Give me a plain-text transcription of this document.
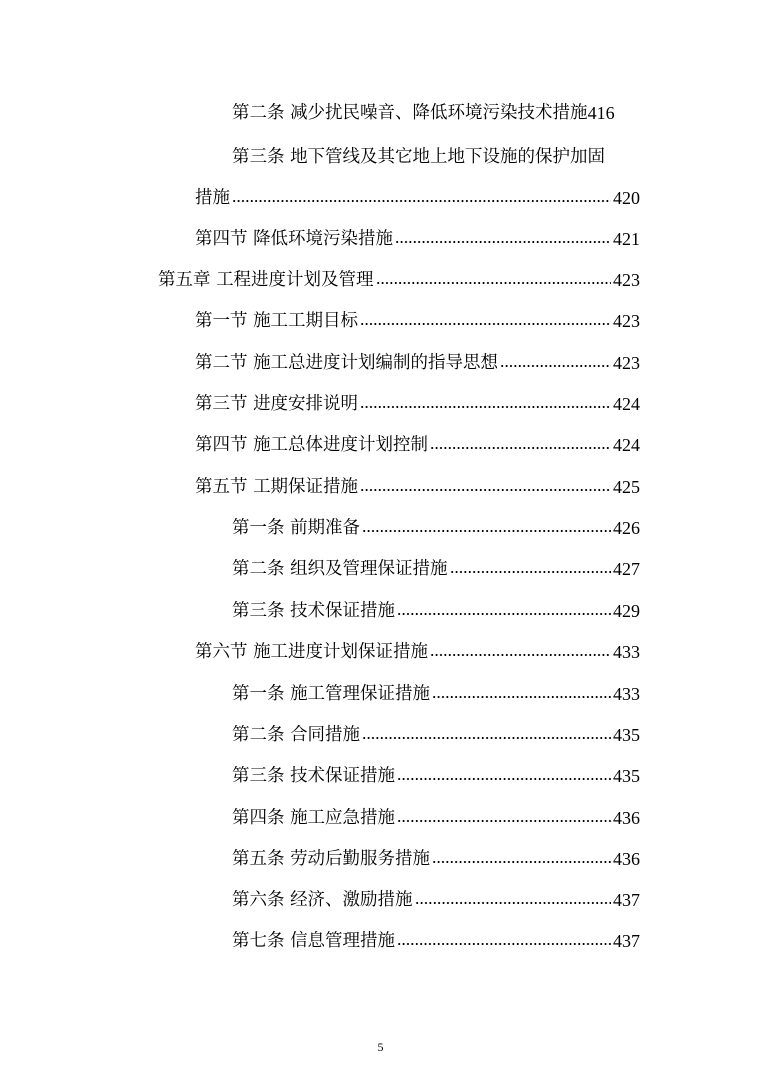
第二条 减少扰民噪音、降低环境污染技术措施 416
第三条 地下管线及其它地上地下设施的保护加固
措施	420
第四节 降低环境污染措施	421
第五章 工程进度计划及管理	423
第一节 施工工期目标	423
第二节 施工总进度计划编制的指导思想	423
第三节 进度安排说明	424
第四节 施工总体进度计划控制	424
第五节 工期保证措施	425
第一条 前期准备	426
第二条 组织及管理保证措施	427
第三条 技术保证措施	429
第六节 施工进度计划保证措施	433
第一条 施工管理保证措施	433
第二条 合同措施	435
第三条 技术保证措施	435
第四条 施工应急措施	436
第五条 劳动后勤服务措施	436
第六条 经济、激励措施	437
第七条 信息管理措施	437
5
